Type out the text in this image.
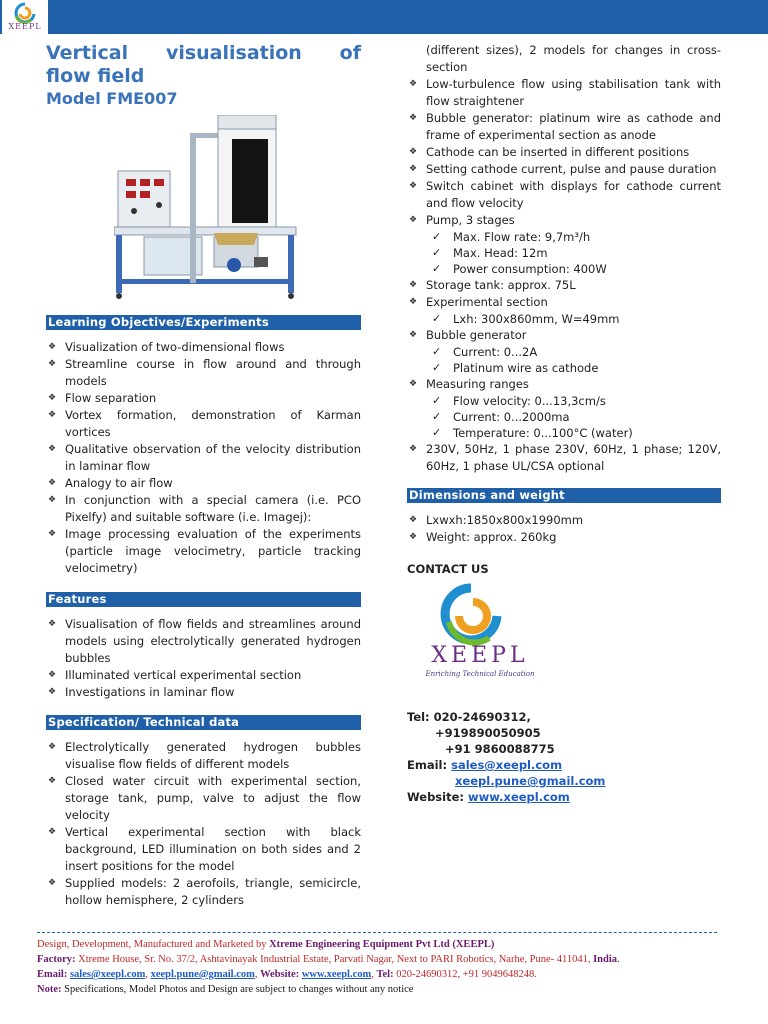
XEEPL
Vertical visualisation of
flow field
Model FME007
Learning Objectives/Experiments
❖ Visualization of two-dimensional flows
❖ Streamline course in flow around and through models
❖ Flow separation
❖ Vortex formation, demonstration of Karman vortices
❖ Qualitative observation of the velocity distribution in laminar flow
❖ Analogy to air flow
❖ In conjunction with a special camera (i.e. PCO Pixelfy) and suitable software (i.e. Imagej):
❖ Image processing evaluation of the experiments (particle image velocimetry, particle tracking velocimetry)
Features
❖ Visualisation of flow fields and streamlines around models using electrolytically generated hydrogen bubbles
❖ Illuminated vertical experimental section
❖ Investigations in laminar flow
Specification/ Technical data
❖ Electrolytically generated hydrogen bubbles visualise flow fields of different models
❖ Closed water circuit with experimental section, storage tank, pump, valve to adjust the flow velocity
❖ Vertical experimental section with black background, LED illumination on both sides and 2 insert positions for the model
❖ Supplied models: 2 aerofoils, triangle, semicircle, hollow hemisphere, 2 cylinders
(different sizes), 2 models for changes in cross-section
❖ Low-turbulence flow using stabilisation tank with flow straightener
❖ Bubble generator: platinum wire as cathode and frame of experimental section as anode
❖ Cathode can be inserted in different positions
❖ Setting cathode current, pulse and pause duration
❖ Switch cabinet with displays for cathode current and flow velocity
❖ Pump, 3 stages
✓ Max. Flow rate: 9,7m³/h
✓ Max. Head: 12m
✓ Power consumption: 400W
❖ Storage tank: approx. 75L
❖ Experimental section
✓ Lxh: 300x860mm, W=49mm
❖ Bubble generator
✓ Current: 0...2A
✓ Platinum wire as cathode
❖ Measuring ranges
✓ Flow velocity: 0...13,3cm/s
✓ Current: 0...2000ma
✓ Temperature: 0...100°C (water)
❖ 230V, 50Hz, 1 phase 230V, 60Hz, 1 phase; 120V, 60Hz, 1 phase UL/CSA optional
Dimensions and weight
❖ Lxwxh:1850x800x1990mm
❖ Weight: approx. 260kg
CONTACT US
XEEPL
Enriching Technical Education
Tel: 020-24690312,
+919890050905
+91 9860088775
Email: sales@xeepl.com
xeepl.pune@gmail.com
Website: www.xeepl.com
Design, Development, Manufactured and Marketed by Xtreme Engineering Equipment Pvt Ltd (XEEPL)
Factory: Xtreme House, Sr. No. 37/2, Ashtavinayak Industrial Estate, Parvati Nagar, Next to PARI Robotics, Narhe, Pune- 411041, India.
Email: sales@xeepl.com, xeepl.pune@gmail.com, Website: www.xeepl.com, Tel: 020-24690312, +91 9049648248.
Note: Specifications, Model Photos and Design are subject to changes without any notice
